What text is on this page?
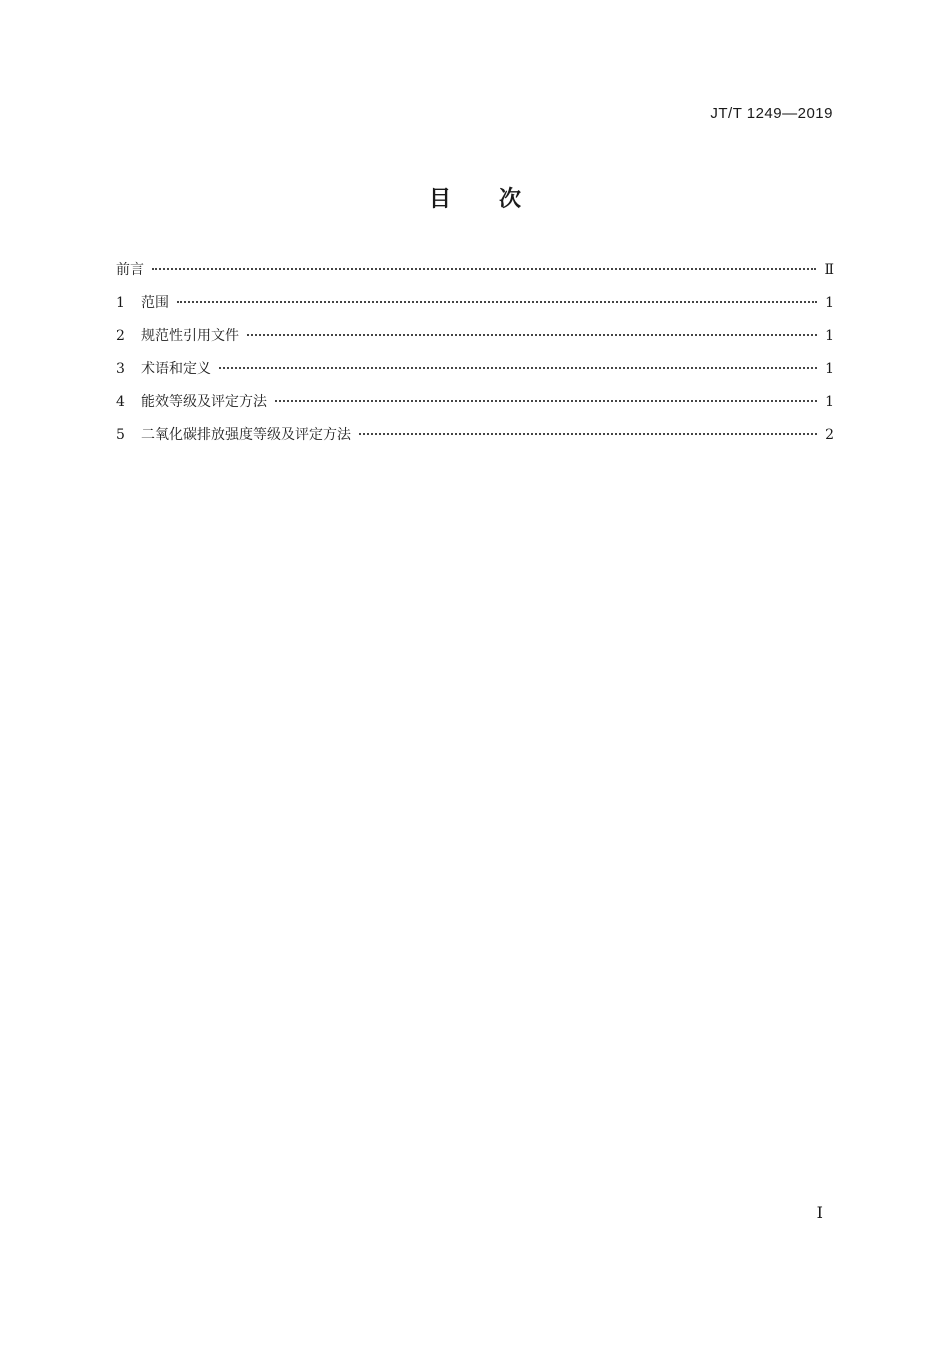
JT/T 1249—2019
目 次
前言	Ⅱ
1	范围	1
2	规范性引用文件	1
3	术语和定义	1
4	能效等级及评定方法	1
5	二氧化碳排放强度等级及评定方法	2
I
